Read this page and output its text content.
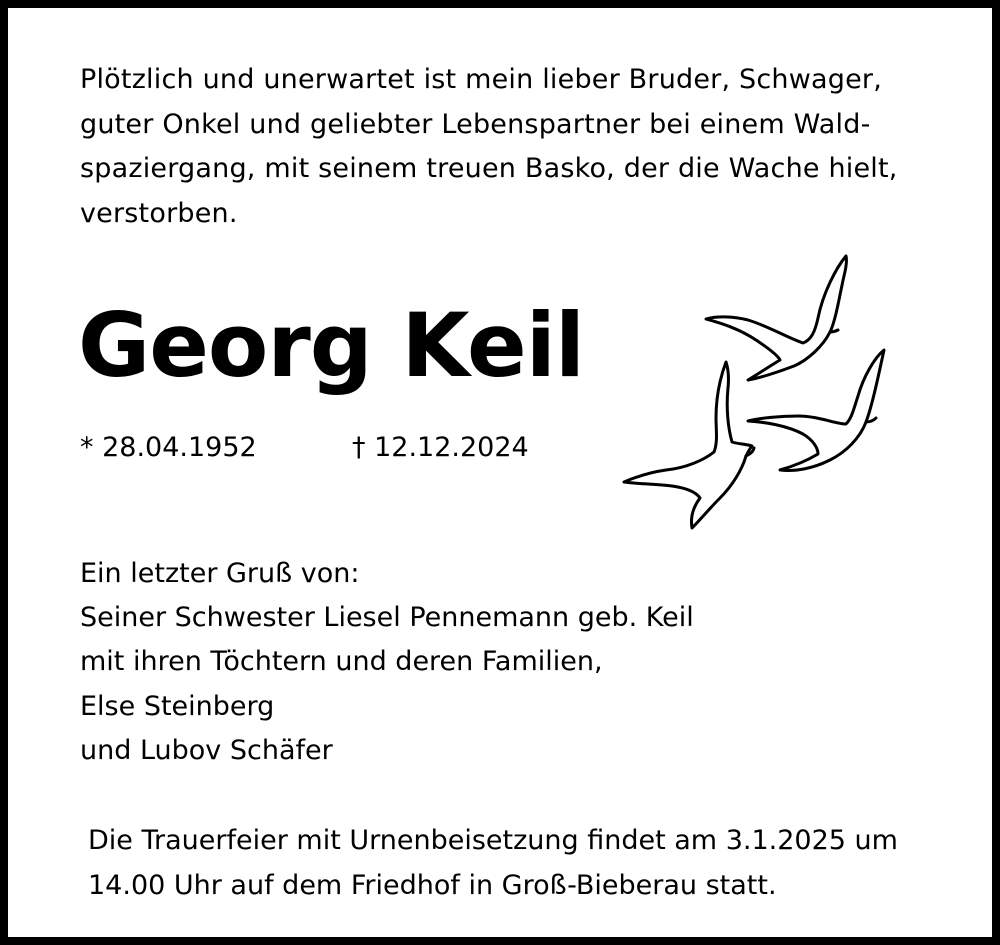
Plötzlich und unerwartet ist mein lieber Bruder, Schwager,
guter Onkel und geliebter Lebenspartner bei einem Wald-
spaziergang, mit seinem treuen Basko, der die Wache hielt,
verstorben.

Georg Keil
* 28.04.1952	† 12.12.2024

Ein letzter Gruß von:
Seiner Schwester Liesel Pennemann geb. Keil
mit ihren Töchtern und deren Familien,
Else Steinberg
und Lubov Schäfer

Die Trauerfeier mit Urnenbeisetzung findet am 3.1.2025 um
14.00 Uhr auf dem Friedhof in Groß-Bieberau statt.
